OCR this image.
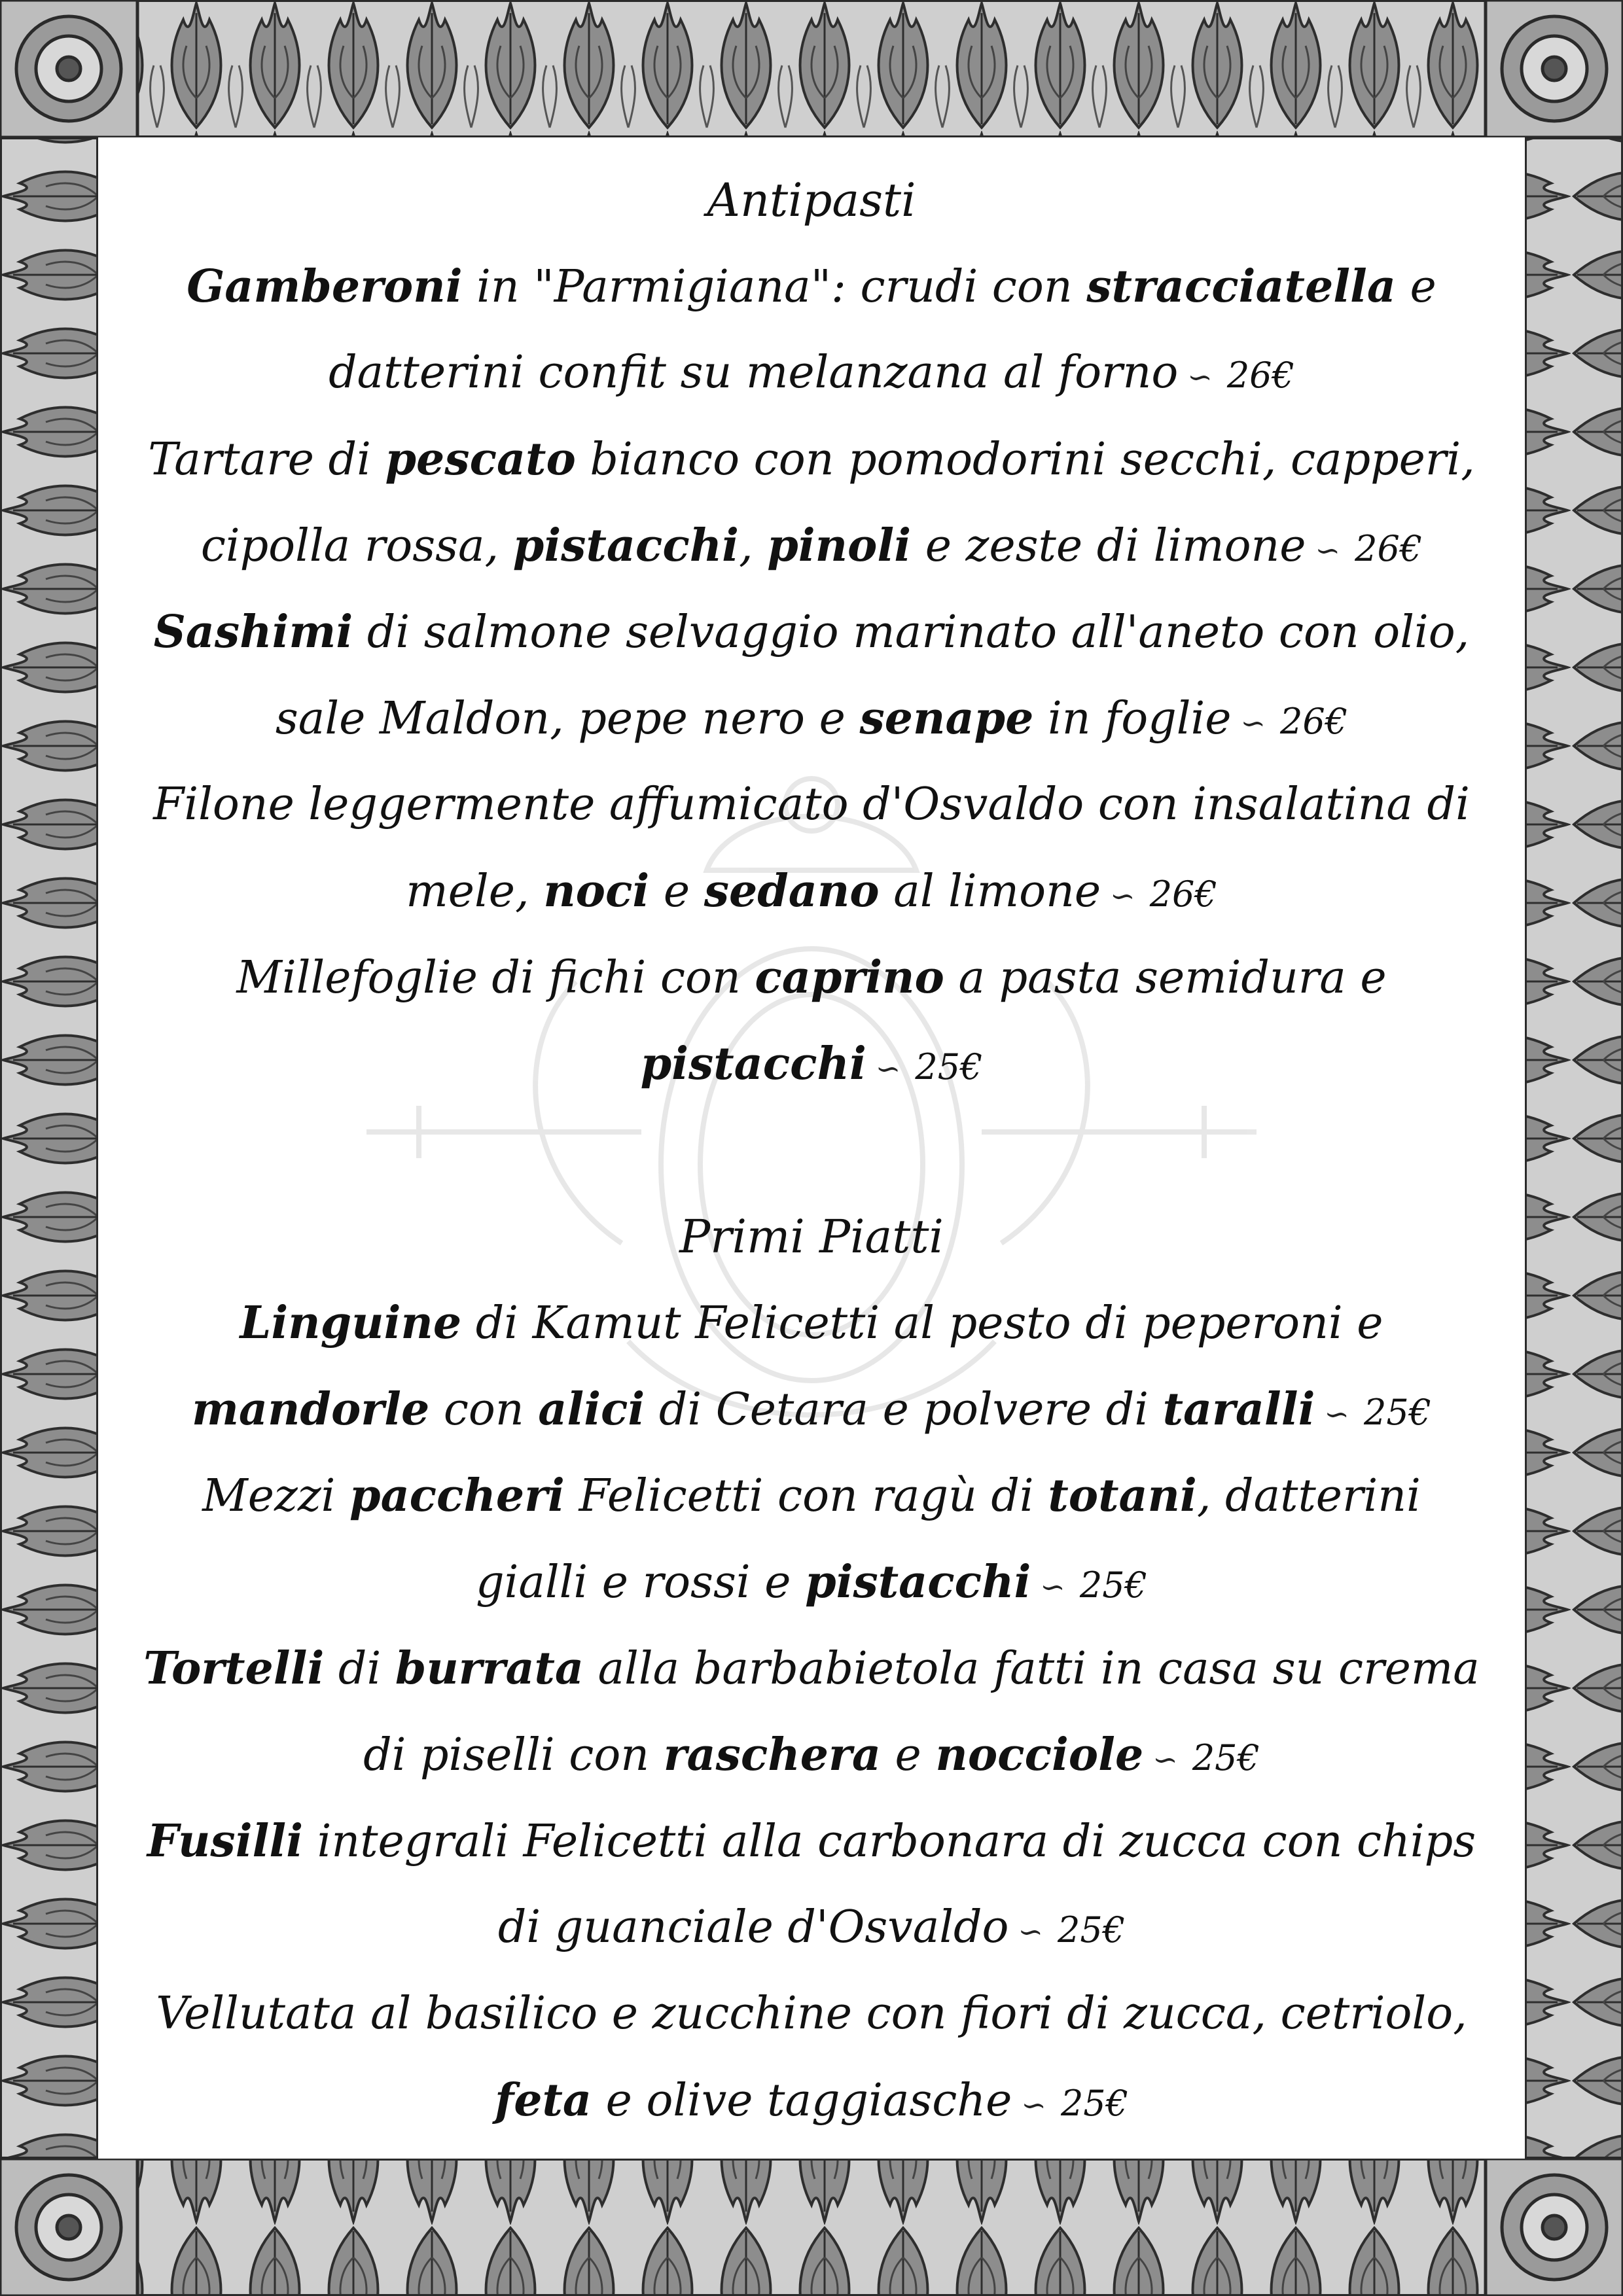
Antipasti
Gamberoni in "Parmigiana": crudi con stracciatella e
datterini confit su melanzana al forno ∽ 26€
Tartare di pescato bianco con pomodorini secchi, capperi,
cipolla rossa, pistacchi, pinoli e zeste di limone ∽ 26€
Sashimi di salmone selvaggio marinato all'aneto con olio,
sale Maldon, pepe nero e senape in foglie ∽ 26€
Filone leggermente affumicato d'Osvaldo con insalatina di
mele, noci e sedano al limone ∽ 26€
Millefoglie di fichi con caprino a pasta semidura e
pistacchi ∽ 25€
Primi Piatti
Linguine di Kamut Felicetti al pesto di peperoni e
mandorle con alici di Cetara e polvere di taralli ∽ 25€
Mezzi paccheri Felicetti con ragù di totani, datterini
gialli e rossi e pistacchi ∽ 25€
Tortelli di burrata alla barbabietola fatti in casa su crema
di piselli con raschera e nocciole ∽ 25€
Fusilli integrali Felicetti alla carbonara di zucca con chips
di guanciale d'Osvaldo ∽ 25€
Vellutata al basilico e zucchine con fiori di zucca, cetriolo,
feta e olive taggiasche ∽ 25€
